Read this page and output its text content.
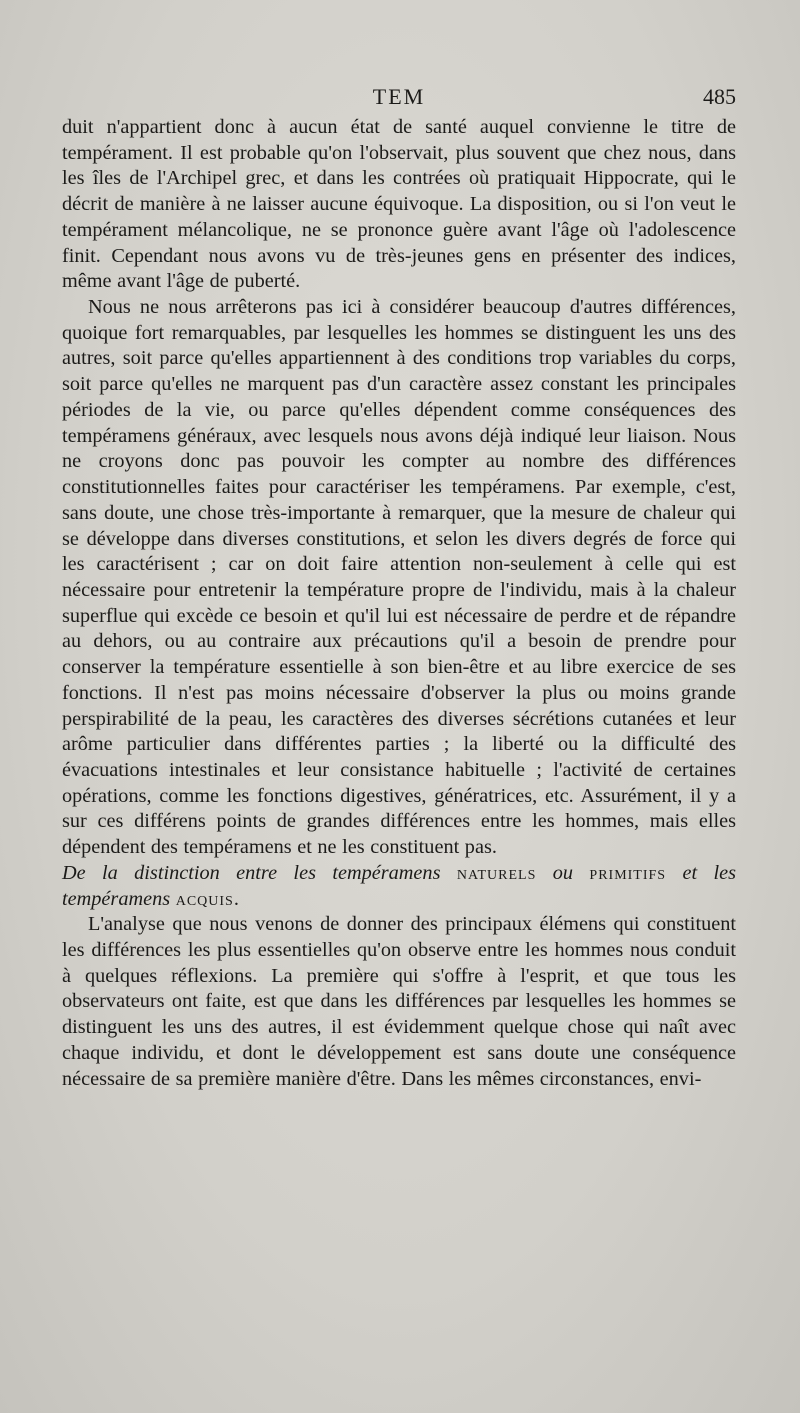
TEM	485

duit n'appartient donc à aucun état de santé auquel convienne le titre de tempérament. Il est probable qu'on l'observait, plus souvent que chez nous, dans les îles de l'Archipel grec, et dans les contrées où pratiquait Hippocrate, qui le décrit de manière à ne laisser aucune équivoque. La disposition, ou si l'on veut le tempérament mélancolique, ne se prononce guère avant l'âge où l'adolescence finit. Cependant nous avons vu de très-jeunes gens en présenter des indices, même avant l'âge de puberté.

Nous ne nous arrêterons pas ici à considérer beaucoup d'autres différences, quoique fort remarquables, par lesquelles les hommes se distinguent les uns des autres, soit parce qu'elles appartiennent à des conditions trop variables du corps, soit parce qu'elles ne marquent pas d'un caractère assez constant les principales périodes de la vie, ou parce qu'elles dépendent comme conséquences des tempéramens généraux, avec lesquels nous avons déjà indiqué leur liaison. Nous ne croyons donc pas pouvoir les compter au nombre des différences constitutionnelles faites pour caractériser les tempéramens. Par exemple, c'est, sans doute, une chose très-importante à remarquer, que la mesure de chaleur qui se développe dans diverses constitutions, et selon les divers degrés de force qui les caractérisent ; car on doit faire attention non-seulement à celle qui est nécessaire pour entretenir la température propre de l'individu, mais à la chaleur superflue qui excède ce besoin et qu'il lui est nécessaire de perdre et de répandre au dehors, ou au contraire aux précautions qu'il a besoin de prendre pour conserver la température essentielle à son bien-être et au libre exercice de ses fonctions. Il n'est pas moins nécessaire d'observer la plus ou moins grande perspirabilité de la peau, les caractères des diverses sécrétions cutanées et leur arôme particulier dans différentes parties ; la liberté ou la difficulté des évacuations intestinales et leur consistance habituelle ; l'activité de certaines opérations, comme les fonctions digestives, génératrices, etc. Assurément, il y a sur ces différens points de grandes différences entre les hommes, mais elles dépendent des tempéramens et ne les constituent pas.

De la distinction entre les tempéramens naturels ou primitifs et les tempéramens acquis.

L'analyse que nous venons de donner des principaux élémens qui constituent les différences les plus essentielles qu'on observe entre les hommes nous conduit à quelques réflexions. La première qui s'offre à l'esprit, et que tous les observateurs ont faite, est que dans les différences par lesquelles les hommes se distinguent les uns des autres, il est évidemment quelque chose qui naît avec chaque individu, et dont le développement est sans doute une conséquence nécessaire de sa première manière d'être. Dans les mêmes circonstances, envi-
